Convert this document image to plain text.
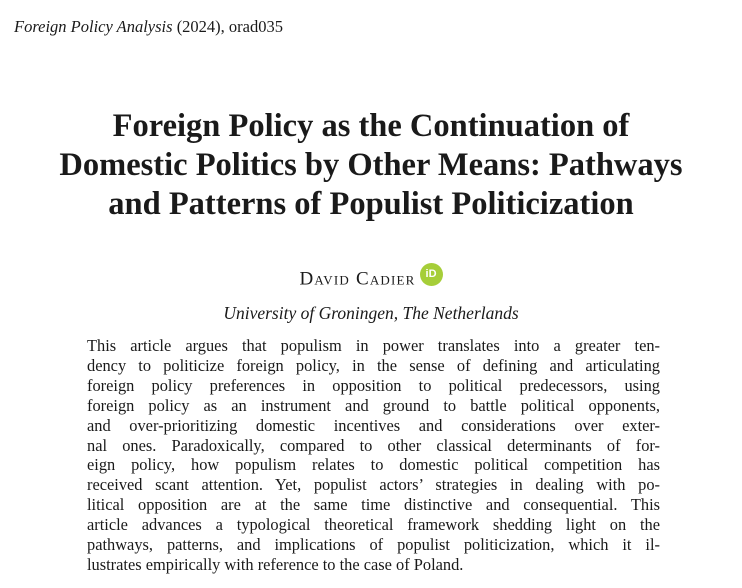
Foreign Policy Analysis (2024), orad035
Foreign Policy as the Continuation of
Domestic Politics by Other Means: Pathways
and Patterns of Populist Politicization
David Cadier iD
University of Groningen, The Netherlands
This article argues that populism in power translates into a greater ten-
dency to politicize foreign policy, in the sense of defining and articulating
foreign policy preferences in opposition to political predecessors, using
foreign policy as an instrument and ground to battle political opponents,
and over-prioritizing domestic incentives and considerations over exter-
nal ones. Paradoxically, compared to other classical determinants of for-
eign policy, how populism relates to domestic political competition has
received scant attention. Yet, populist actors’ strategies in dealing with po-
litical opposition are at the same time distinctive and consequential. This
article advances a typological theoretical framework shedding light on the
pathways, patterns, and implications of populist politicization, which it il-
lustrates empirically with reference to the case of Poland.
